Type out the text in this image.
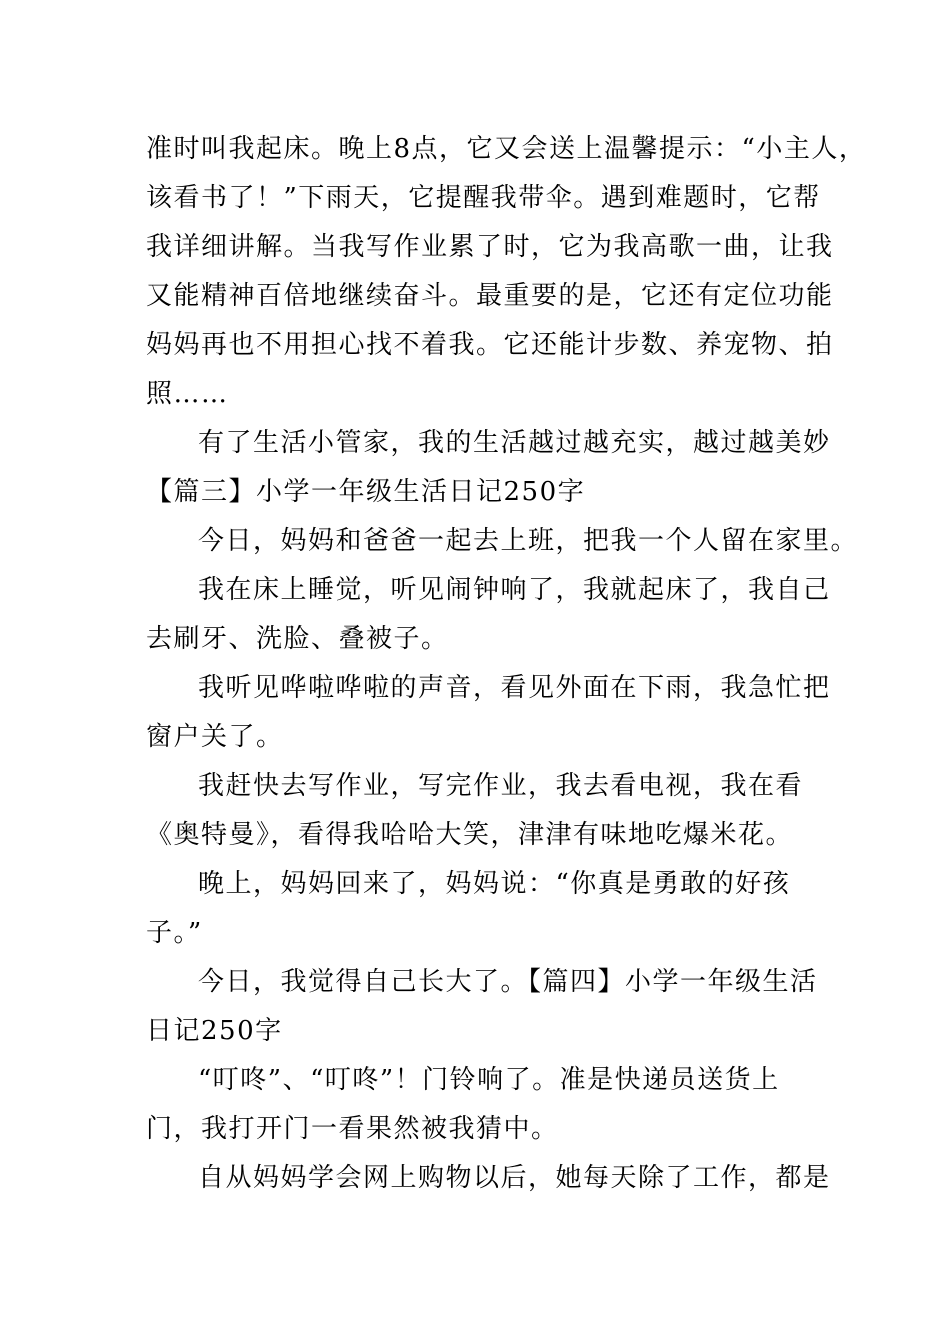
准时叫我起床。晚上8点，它又会送上温馨提示：“小主人，
该看书了！”下雨天，它提醒我带伞。遇到难题时，它帮
我详细讲解。当我写作业累了时，它为我高歌一曲，让我
又能精神百倍地继续奋斗。最重要的是，它还有定位功能
妈妈再也不用担心找不着我。它还能计步数、养宠物、拍
照……
有了生活小管家，我的生活越过越充实，越过越美妙
【篇三】小学一年级生活日记250字
今日，妈妈和爸爸一起去上班，把我一个人留在家里。
我在床上睡觉，听见闹钟响了，我就起床了，我自己
去刷牙、洗脸、叠被子。
我听见哗啦哗啦的声音，看见外面在下雨，我急忙把
窗户关了。
我赶快去写作业，写完作业，我去看电视，我在看
《奥特曼》，看得我哈哈大笑，津津有味地吃爆米花。
晚上，妈妈回来了，妈妈说：“你真是勇敢的好孩
子。”
今日，我觉得自己长大了。【篇四】小学一年级生活
日记250字
“叮咚”、“叮咚”！门铃响了。准是快递员送货上
门，我打开门一看果然被我猜中。
自从妈妈学会网上购物以后，她每天除了工作，都是
